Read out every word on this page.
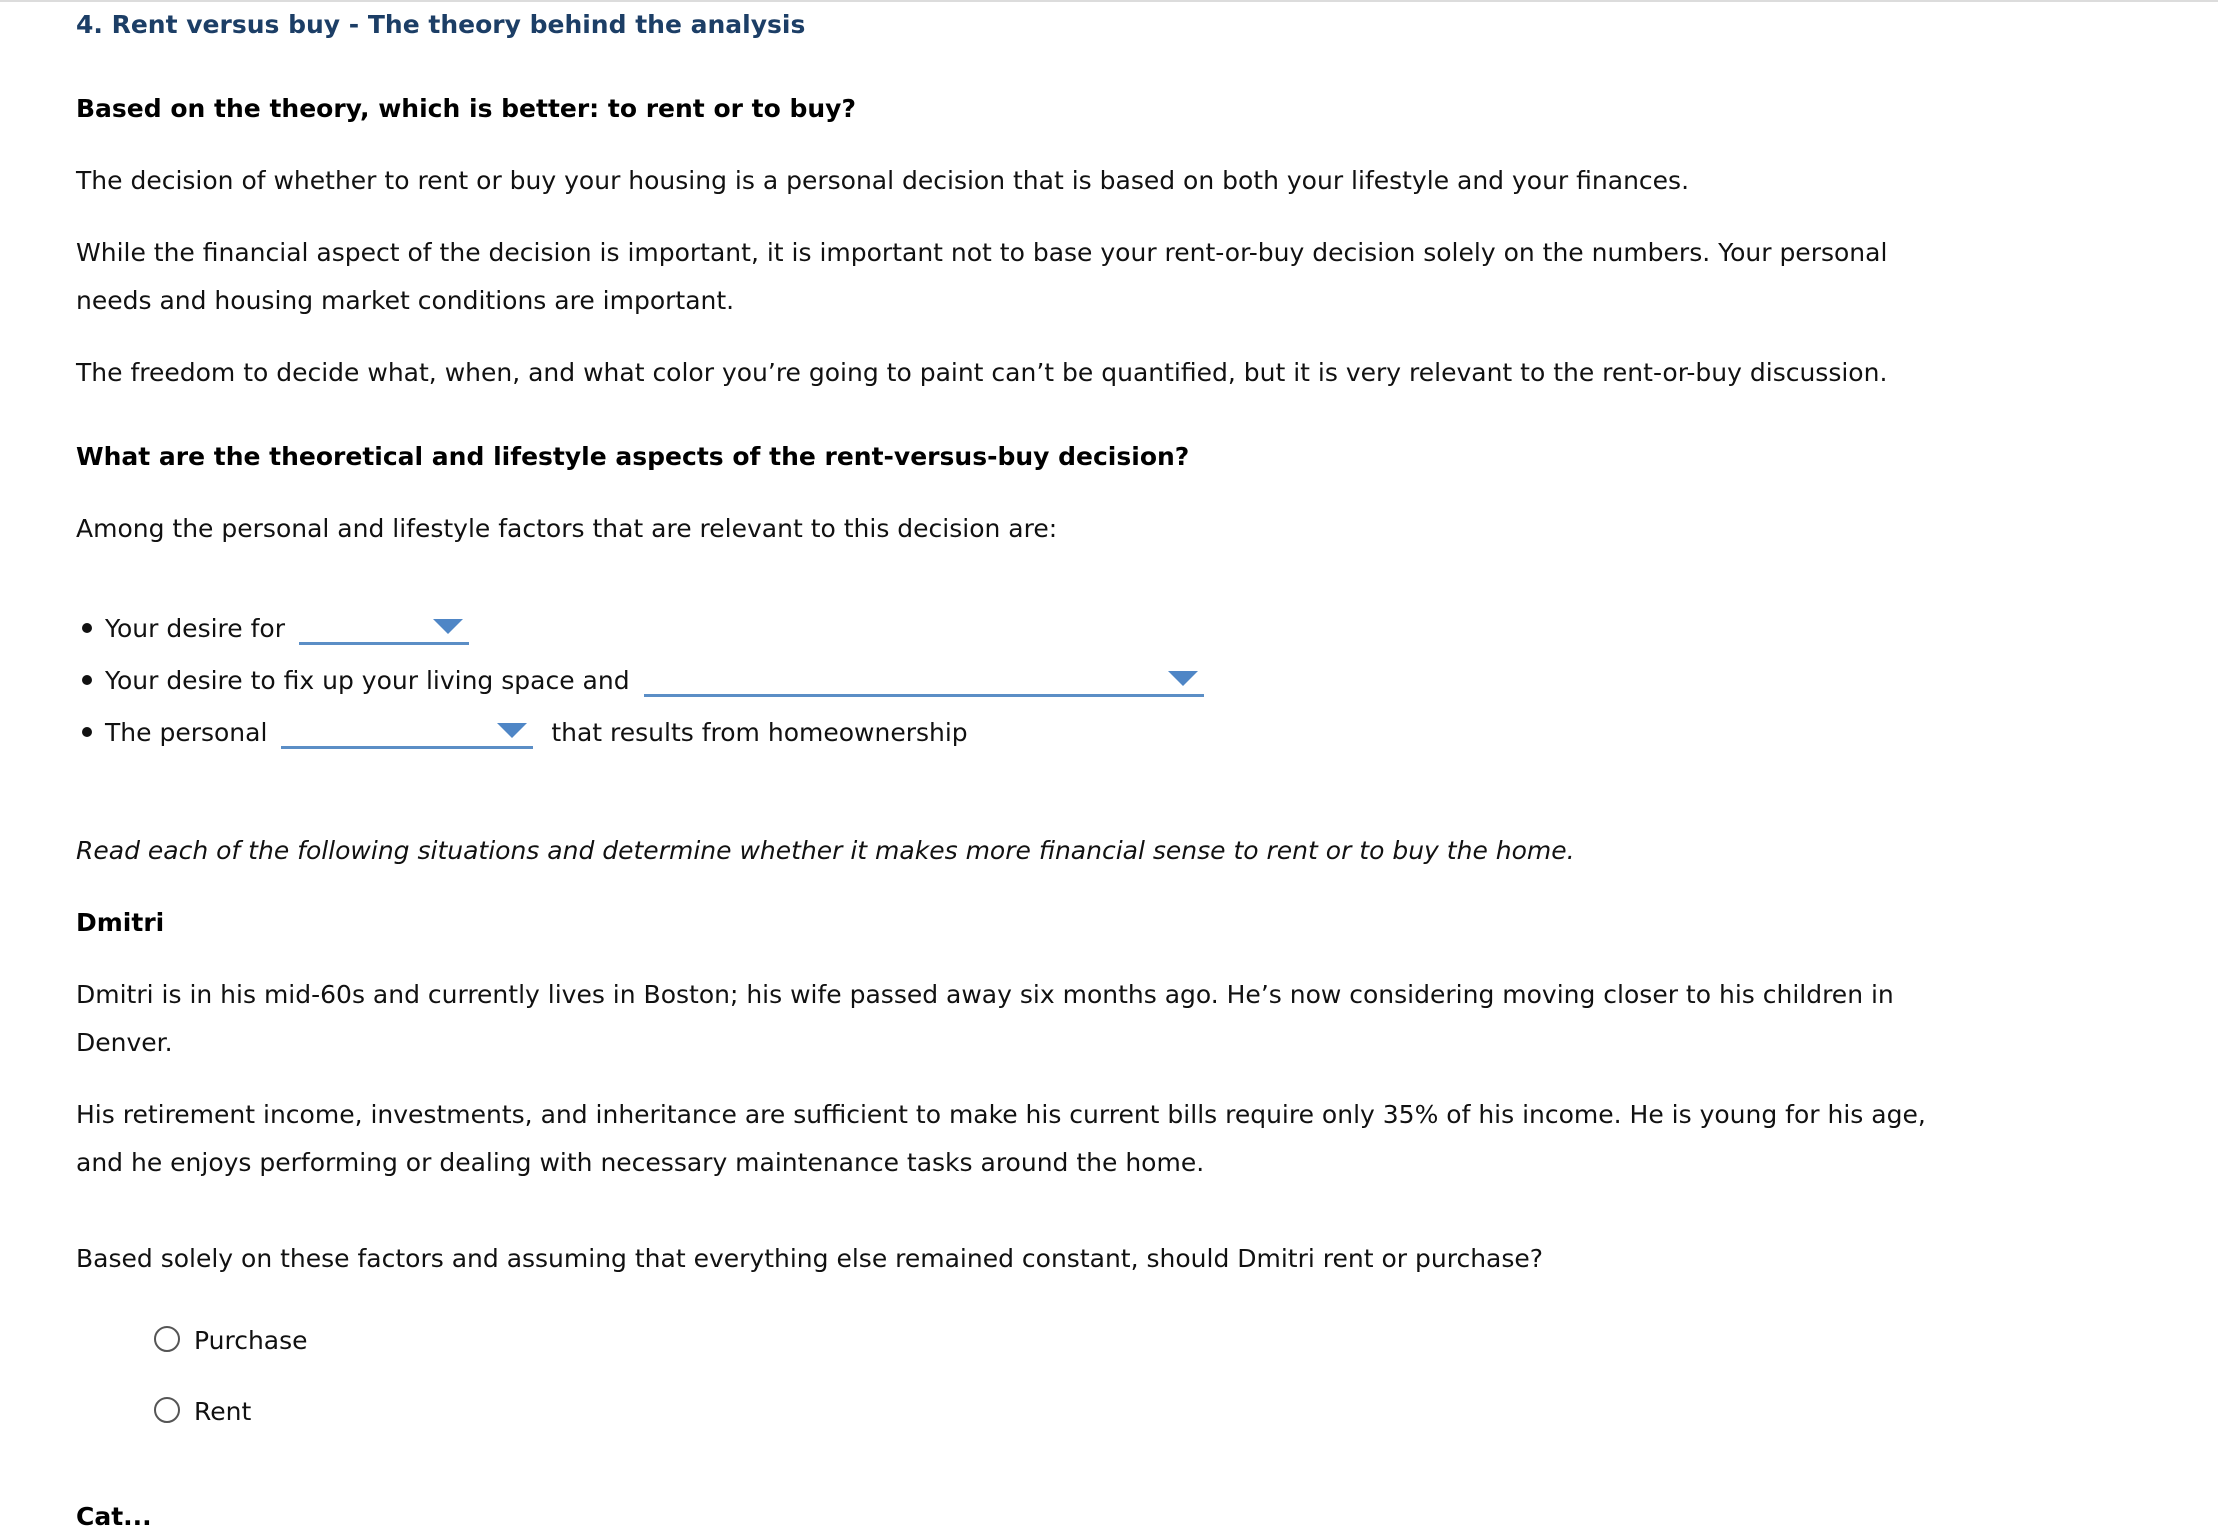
4. Rent versus buy - The theory behind the analysis
Based on the theory, which is better: to rent or to buy?
The decision of whether to rent or buy your housing is a personal decision that is based on both your lifestyle and your finances.
While the financial aspect of the decision is important, it is important not to base your rent-or-buy decision solely on the numbers. Your personal
needs and housing market conditions are important.
The freedom to decide what, when, and what color you’re going to paint can’t be quantified, but it is very relevant to the rent-or-buy discussion.
What are the theoretical and lifestyle aspects of the rent-versus-buy decision?
Among the personal and lifestyle factors that are relevant to this decision are:
Your desire for
Your desire to fix up your living space and
The personal	that results from homeownership
Read each of the following situations and determine whether it makes more financial sense to rent or to buy the home.
Dmitri
Dmitri is in his mid-60s and currently lives in Boston; his wife passed away six months ago. He’s now considering moving closer to his children in
Denver.
His retirement income, investments, and inheritance are sufficient to make his current bills require only 35% of his income. He is young for his age,
and he enjoys performing or dealing with necessary maintenance tasks around the home.
Based solely on these factors and assuming that everything else remained constant, should Dmitri rent or purchase?
Purchase
Rent
Cat...
